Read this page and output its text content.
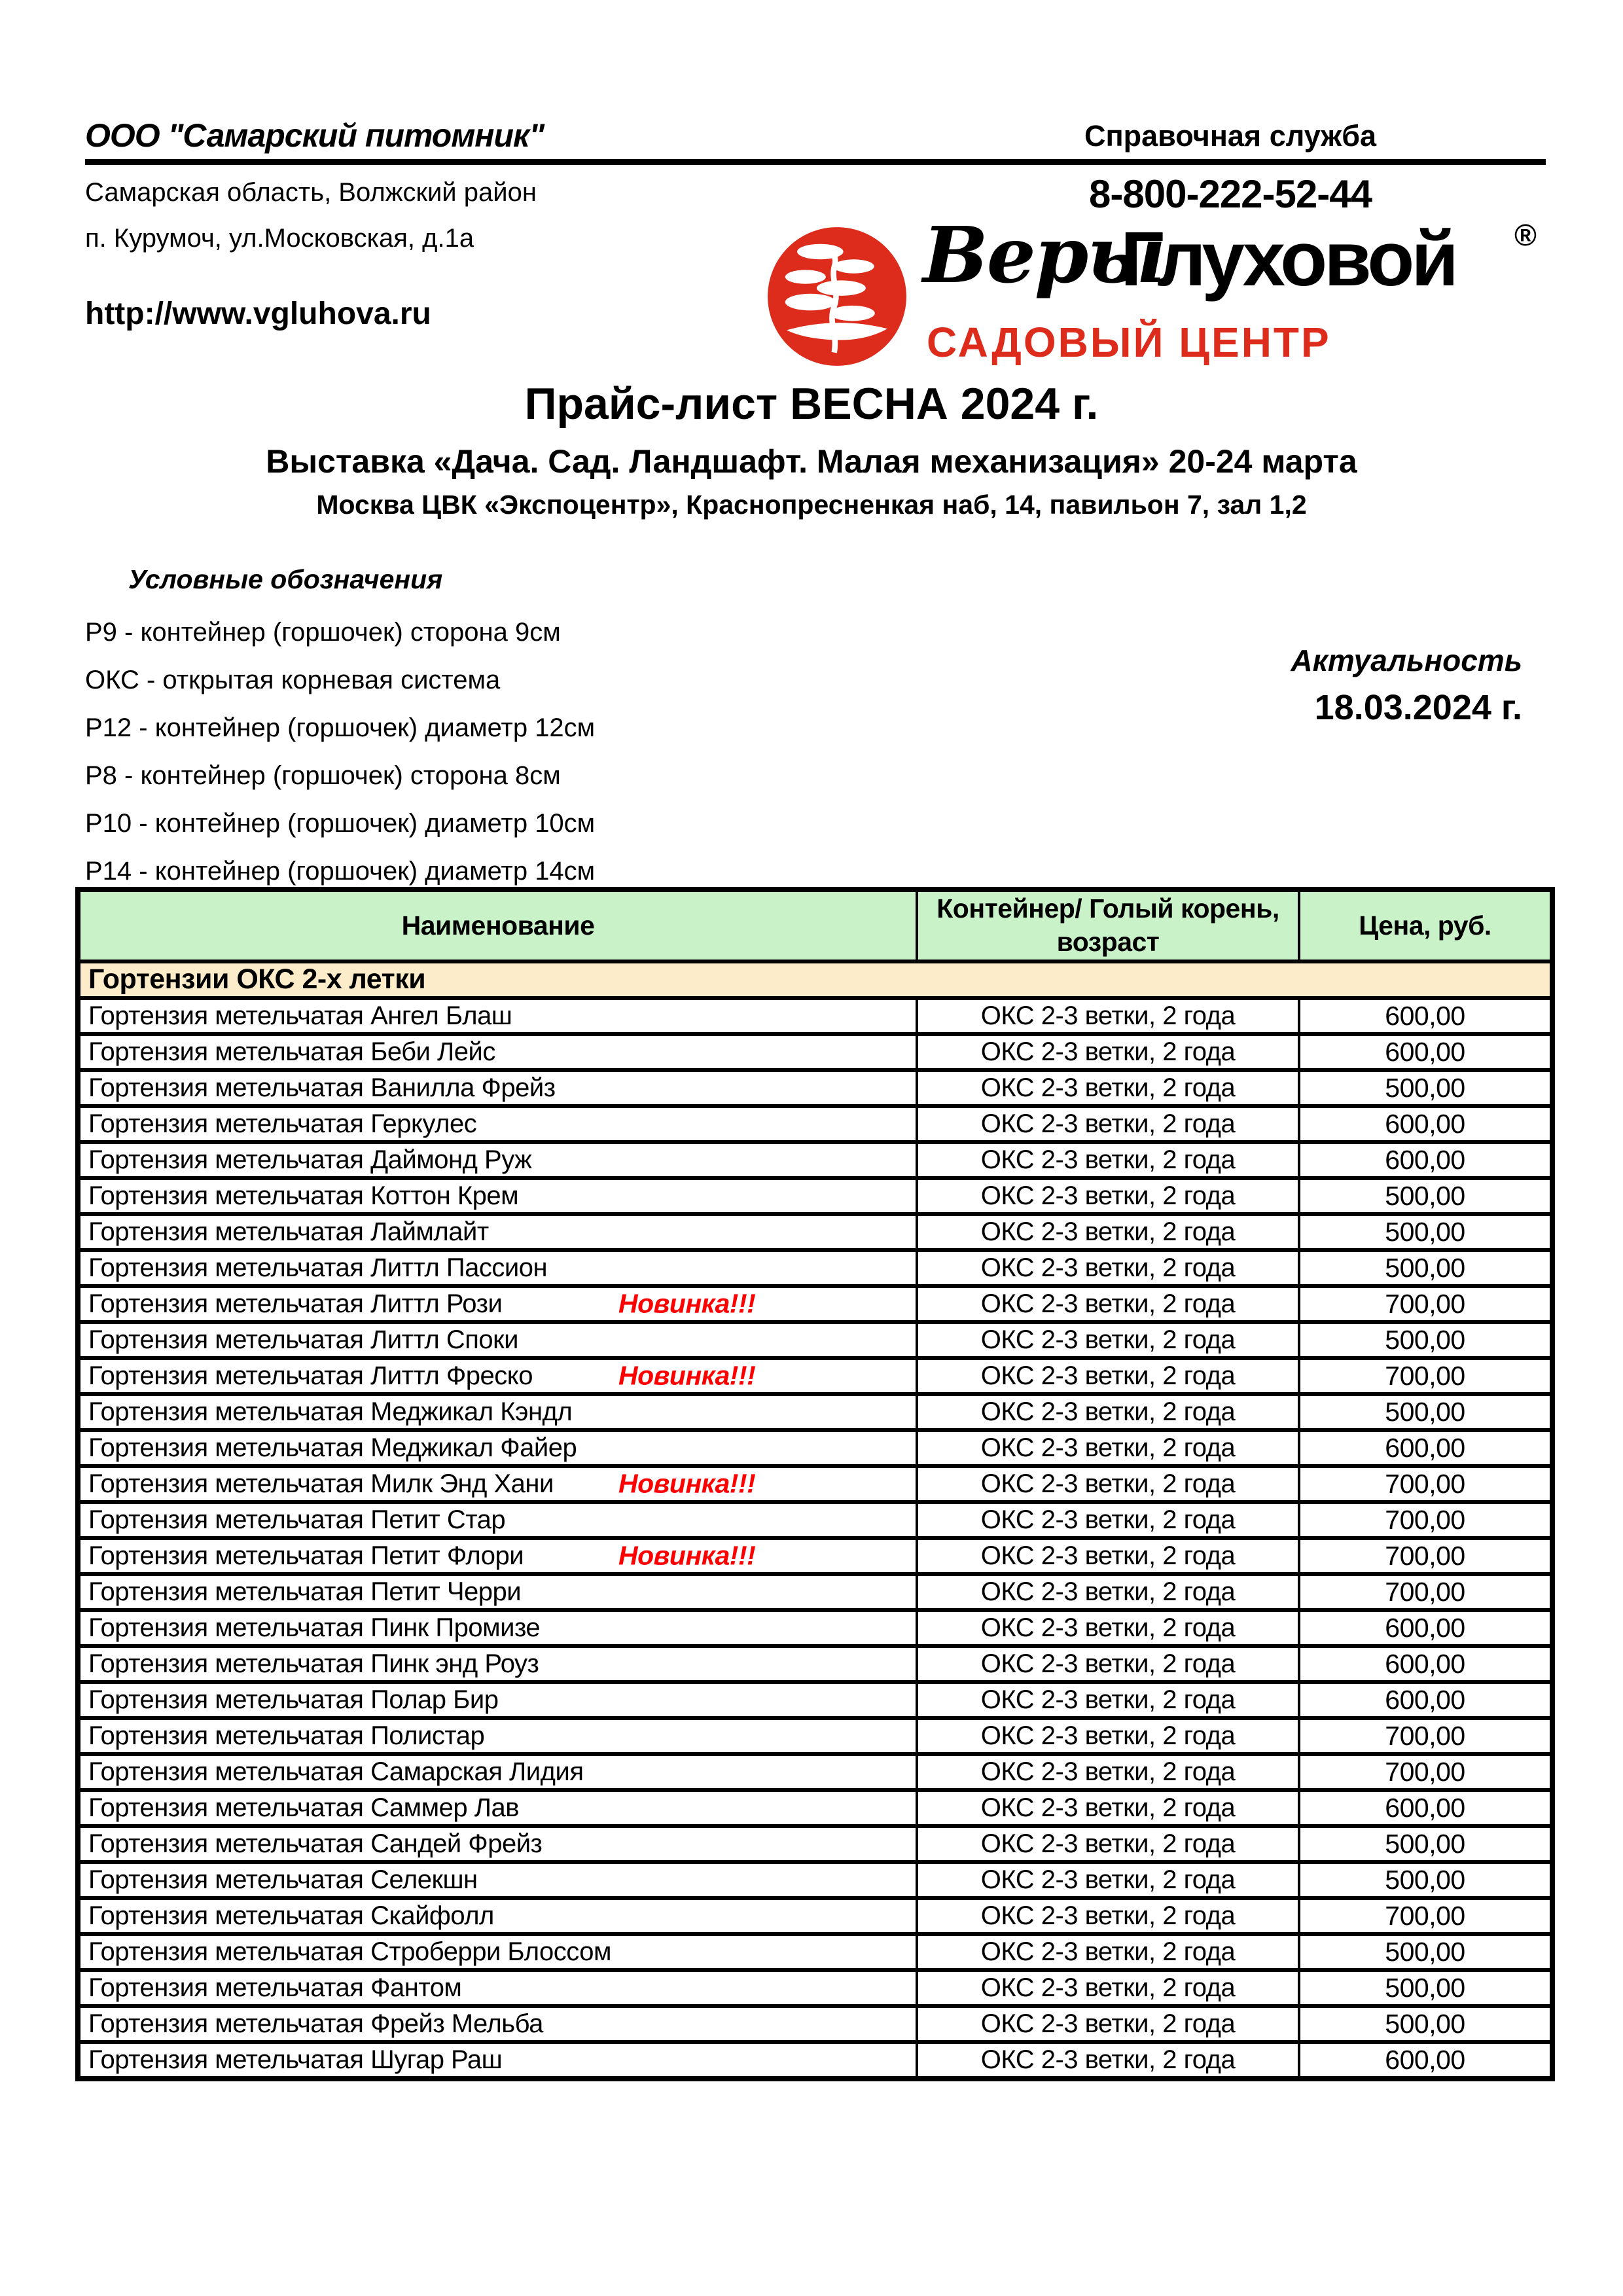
ООО "Самарский питомник"	Справочная служба
8-800-222-52-44
Самарская область, Волжский район
п. Курумоч, ул.Московская, д.1а
http://www.vgluhova.ru
Веры
Глуховой ®
САДОВЫЙ ЦЕНТР
Прайс-лист ВЕСНА 2024 г.
Выставка «Дача. Сад. Ландшафт. Малая механизация» 20-24 марта
Москва ЦВК «Экспоцентр», Краснопресненкая наб, 14, павильон 7, зал 1,2
Условные обозначения
P9 - контейнер (горшочек) сторона 9см
ОКС - открытая корневая система
P12 - контейнер (горшочек) диаметр 12см
P8 - контейнер (горшочек) сторона 8см
P10 - контейнер (горшочек) диаметр 10см
P14 - контейнер (горшочек) диаметр 14см
Актуальность
18.03.2024 г.
Наименование	Контейнер/ Голый корень, возраст	Цена, руб.
Гортензии ОКС 2-х летки		
Гортензия метельчатая Ангел Блаш	ОКС 2-3 ветки, 2 года	600,00
Гортензия метельчатая Беби Лейс	ОКС 2-3 ветки, 2 года	600,00
Гортензия метельчатая Ванилла Фрейз	ОКС 2-3 ветки, 2 года	500,00
Гортензия метельчатая Геркулес	ОКС 2-3 ветки, 2 года	600,00
Гортензия метельчатая Даймонд Руж	ОКС 2-3 ветки, 2 года	600,00
Гортензия метельчатая Коттон Крем	ОКС 2-3 ветки, 2 года	500,00
Гортензия метельчатая Лаймлайт	ОКС 2-3 ветки, 2 года	500,00
Гортензия метельчатая Литтл Пассион	ОКС 2-3 ветки, 2 года	500,00
Гортензия метельчатая Литтл Рози Новинка!!!	ОКС 2-3 ветки, 2 года	700,00
Гортензия метельчатая Литтл Споки	ОКС 2-3 ветки, 2 года	500,00
Гортензия метельчатая Литтл Фреско Новинка!!!	ОКС 2-3 ветки, 2 года	700,00
Гортензия метельчатая Меджикал Кэндл	ОКС 2-3 ветки, 2 года	500,00
Гортензия метельчатая Меджикал Файер	ОКС 2-3 ветки, 2 года	600,00
Гортензия метельчатая Милк Энд Хани Новинка!!!	ОКС 2-3 ветки, 2 года	700,00
Гортензия метельчатая Петит Стар	ОКС 2-3 ветки, 2 года	700,00
Гортензия метельчатая Петит Флори Новинка!!!	ОКС 2-3 ветки, 2 года	700,00
Гортензия метельчатая Петит Черри	ОКС 2-3 ветки, 2 года	700,00
Гортензия метельчатая Пинк Промизе	ОКС 2-3 ветки, 2 года	600,00
Гортензия метельчатая Пинк энд Роуз	ОКС 2-3 ветки, 2 года	600,00
Гортензия метельчатая Полар Бир	ОКС 2-3 ветки, 2 года	600,00
Гортензия метельчатая Полистар	ОКС 2-3 ветки, 2 года	700,00
Гортензия метельчатая Самарская Лидия	ОКС 2-3 ветки, 2 года	700,00
Гортензия метельчатая Саммер Лав	ОКС 2-3 ветки, 2 года	600,00
Гортензия метельчатая Сандей Фрейз	ОКС 2-3 ветки, 2 года	500,00
Гортензия метельчатая Селекшн	ОКС 2-3 ветки, 2 года	500,00
Гортензия метельчатая Скайфолл	ОКС 2-3 ветки, 2 года	700,00
Гортензия метельчатая Строберри Блоссом	ОКС 2-3 ветки, 2 года	500,00
Гортензия метельчатая Фантом	ОКС 2-3 ветки, 2 года	500,00
Гортензия метельчатая Фрейз Мельба	ОКС 2-3 ветки, 2 года	500,00
Гортензия метельчатая Шугар Раш	ОКС 2-3 ветки, 2 года	600,00
